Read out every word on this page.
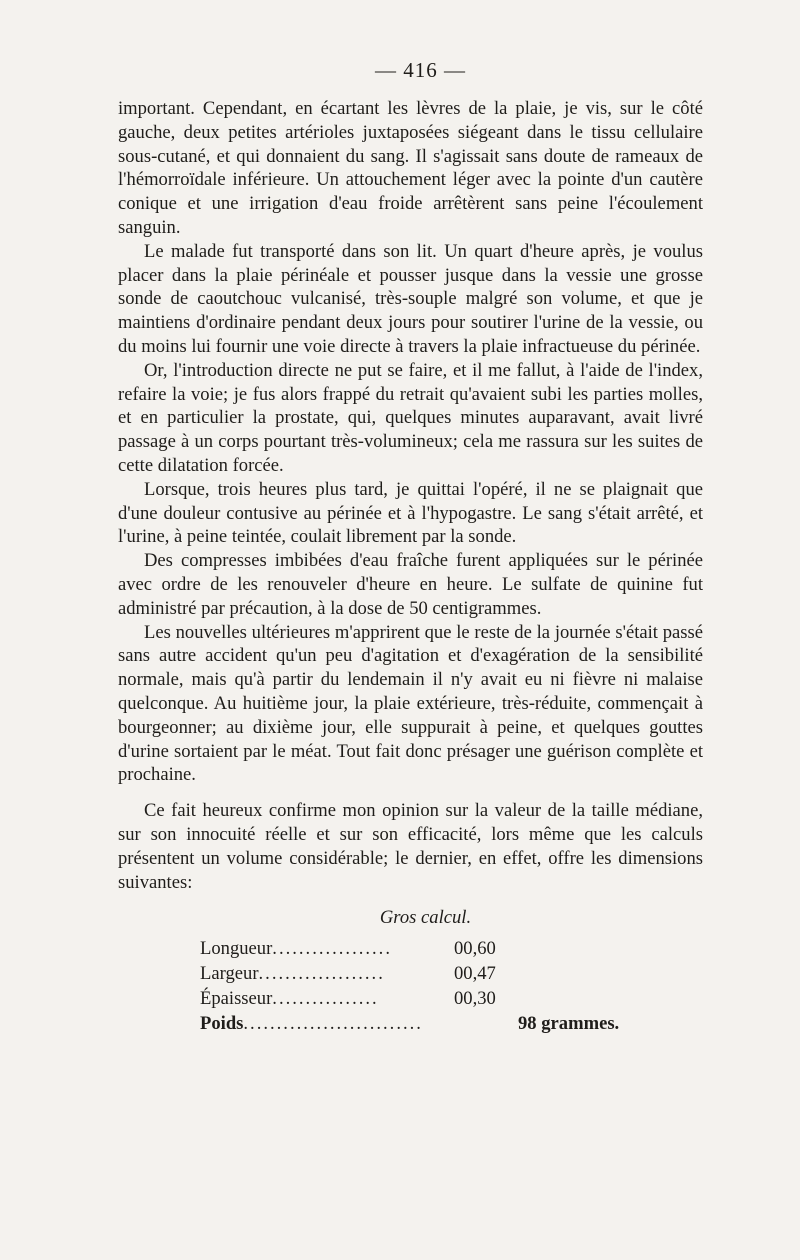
— 416 —

important. Cependant, en écartant les lèvres de la plaie, je vis, sur le côté gauche, deux petites artérioles juxtaposées siégeant dans le tissu cellulaire sous-cutané, et qui donnaient du sang. Il s'agissait sans doute de rameaux de l'hémorroïdale inférieure. Un attouchement léger avec la pointe d'un cautère conique et une irrigation d'eau froide arrêtèrent sans peine l'écoulement sanguin.

Le malade fut transporté dans son lit. Un quart d'heure après, je voulus placer dans la plaie périnéale et pousser jusque dans la vessie une grosse sonde de caoutchouc vulcanisé, très-souple malgré son volume, et que je maintiens d'ordinaire pendant deux jours pour soutirer l'urine de la vessie, ou du moins lui fournir une voie directe à travers la plaie infractueuse du périnée.

Or, l'introduction directe ne put se faire, et il me fallut, à l'aide de l'index, refaire la voie; je fus alors frappé du retrait qu'avaient subi les parties molles, et en particulier la prostate, qui, quelques minutes auparavant, avait livré passage à un corps pourtant très-volumineux; cela me rassura sur les suites de cette dilatation forcée.

Lorsque, trois heures plus tard, je quittai l'opéré, il ne se plaignait que d'une douleur contusive au périnée et à l'hypogastre. Le sang s'était arrêté, et l'urine, à peine teintée, coulait librement par la sonde.

Des compresses imbibées d'eau fraîche furent appliquées sur le périnée avec ordre de les renouveler d'heure en heure. Le sulfate de quinine fut administré par précaution, à la dose de 50 centigrammes.

Les nouvelles ultérieures m'apprirent que le reste de la journée s'était passé sans autre accident qu'un peu d'agitation et d'exagération de la sensibilité normale, mais qu'à partir du lendemain il n'y avait eu ni fièvre ni malaise quelconque. Au huitième jour, la plaie extérieure, très-réduite, commençait à bourgeonner; au dixième jour, elle suppurait à peine, et quelques gouttes d'urine sortaient par le méat. Tout fait donc présager une guérison complète et prochaine.

Ce fait heureux confirme mon opinion sur la valeur de la taille médiane, sur son innocuité réelle et sur son efficacité, lors même que les calculs présentent un volume considérable; le dernier, en effet, offre les dimensions suivantes:

Gros calcul.
Longueur..................	00,60
Largeur...................	00,47
Épaisseur................	00,30
Poids...........................	98 grammes.
